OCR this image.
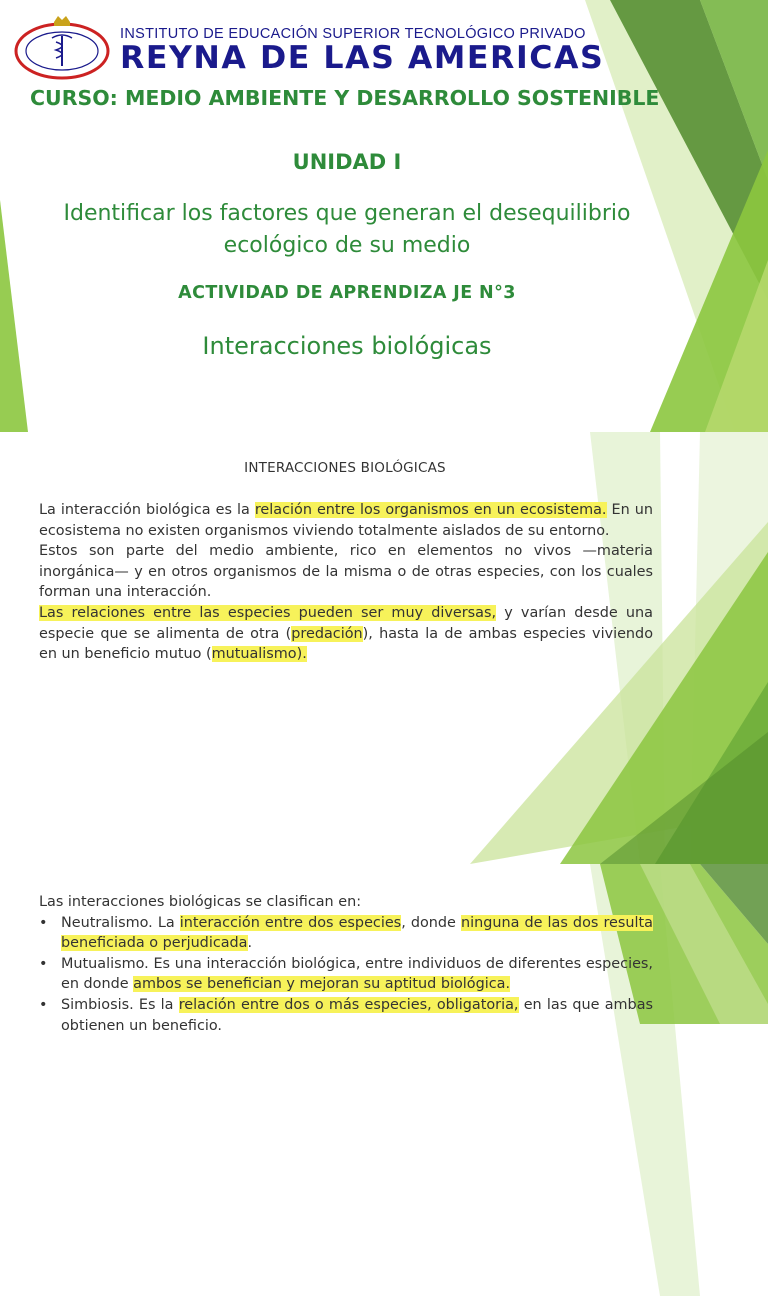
INSTITUTO DE EDUCACIÓN SUPERIOR TECNOLÓGICO PRIVADO
REYNA DE LAS AMERICAS
CURSO: MEDIO AMBIENTE Y DESARROLLO SOSTENIBLE
UNIDAD I
Identificar los factores que generan el desequilibrio ecológico de su medio
ACTIVIDAD DE APRENDIZA JE N°3
Interacciones biológicas
INTERACCIONES BIOLÓGICAS

La interacción biológica es la relación entre los organismos en un ecosistema. En un ecosistema no existen organismos viviendo totalmente aislados de su entorno.

Estos son parte del medio ambiente, rico en elementos no vivos —materia inorgánica— y en otros organismos de la misma o de otras especies, con los cuales forman una interacción.

Las relaciones entre las especies pueden ser muy diversas, y varían desde una especie que se alimenta de otra (predación), hasta la de ambas especies viviendo en un beneficio mutuo (mutualismo).

Las interacciones biológicas se clasifican en:

• Neutralismo. La interacción entre dos especies, donde ninguna de las dos resulta beneficiada o perjudicada.
• Mutualismo. Es una interacción biológica, entre individuos de diferentes especies, en donde ambos se benefician y mejoran su aptitud biológica.
• Simbiosis. Es la relación entre dos o más especies, obligatoria, en las que ambas obtienen un beneficio.
